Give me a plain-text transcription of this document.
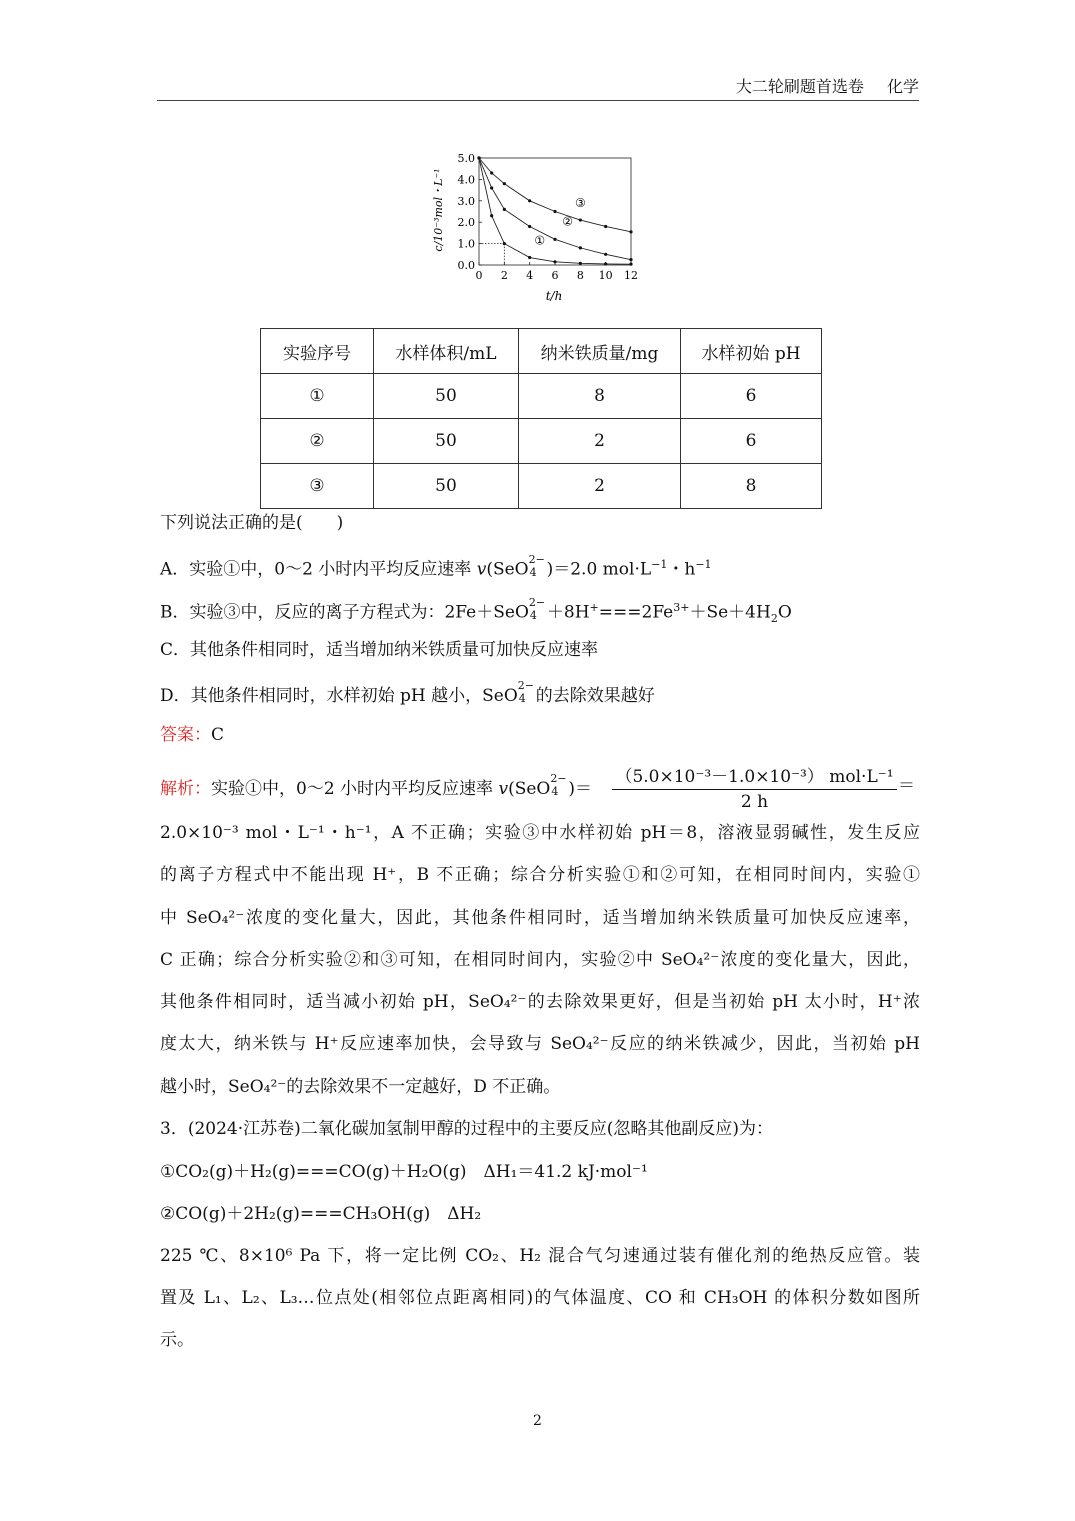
大二轮刷题首选卷 化学
c/10⁻³mol・L⁻¹
0.0
1.0
2.0
3.0
4.0
5.0
0 2 4 6 8 10 12
①
②
③
t/h
实验序号	水样体积/mL	纳米铁质量/mg	水样初始 pH
①	50	8	6
②	50	2	6
③	50	2	8
下列说法正确的是(　　)
A．实验①中，0～2 小时内平均反应速率 v(SeO
2−
4 )＝2.0 $mol\cdot L^{-1}$・$h^{-1}$
B．实验③中，反应的离子方程式为：2Fe＋SeO
2−
$4 +8H^+===2Fe^{3+}+Se+4H_2O$
C．其他条件相同时，适当增加纳米铁质量可加快反应速率
D．其他条件相同时，水样初始 pH 越小，SeO
2−
4 的去除效果越好
答案：C
解析：实验①中，0～2 小时内平均反应速率 v(SeO
2−
4 )＝
（5.0×10⁻³－1.0×10⁻³） mol·L⁻¹
2 h
＝
2.0×10⁻³ mol・L⁻¹・h⁻¹，A 不正确；实验③中水样初始 pH＝8，溶液显弱碱性，发生反应
的离子方程式中不能出现 H⁺，B 不正确；综合分析实验①和②可知，在相同时间内，实验①
中 SeO₄²⁻浓度的变化量大，因此，其他条件相同时，适当增加纳米铁质量可加快反应速率，
C 正确；综合分析实验②和③可知，在相同时间内，实验②中 SeO₄²⁻浓度的变化量大，因此，
其他条件相同时，适当减小初始 pH，SeO₄²⁻的去除效果更好，但是当初始 pH 太小时，H⁺浓
度太大，纳米铁与 H⁺反应速率加快，会导致与 SeO₄²⁻反应的纳米铁减少，因此，当初始 pH
越小时，SeO₄²⁻的去除效果不一定越好，D 不正确。
3．(2024·江苏卷)二氧化碳加氢制甲醇的过程中的主要反应(忽略其他副反应)为：
①CO₂(g)＋H₂(g)===CO(g)＋H₂O(g)　ΔH₁＝41.2 kJ·mol⁻¹
②CO(g)＋2H₂(g)===CH₃OH(g)　ΔH₂
225 ℃、8×10⁶ Pa 下，将一定比例 CO₂、H₂ 混合气匀速通过装有催化剂的绝热反应管。装
置及 L₁、L₂、L₃…位点处(相邻位点距离相同)的气体温度、CO 和 CH₃OH 的体积分数如图所
示。
2
